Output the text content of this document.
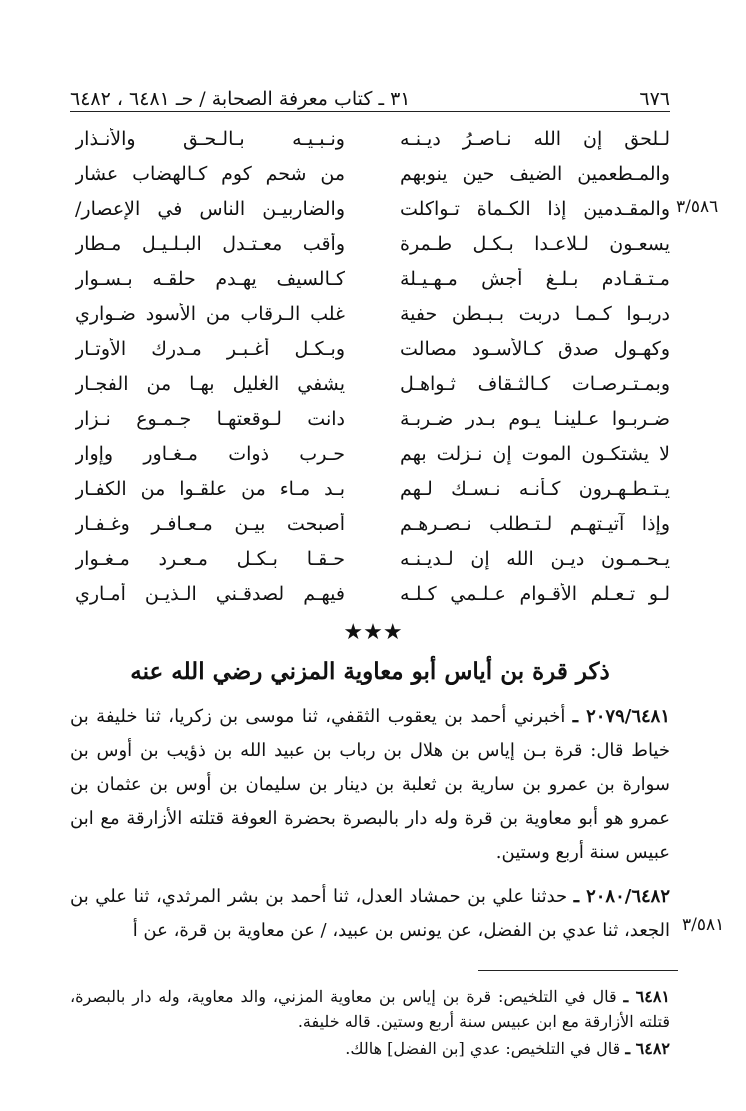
٦٧٦
٣١ ـ كتاب معرفة الصحابة / حـ ٦٤٨١ ، ٦٤٨٢
لـلحق إن الله نـاصـرُ ديـنـه
ونـبـيـه بـالـحـق والأنـذار
والمـطعمين الضيف حين ينوبهم
من شحم كوم كـالهضاب عشار
والمقـدمين إذا الكـماة تـواكلت
والضاربيـن الناس في الإعصار/
يسعـون لـلاعـدا بـكـل طـمرة
وأقب معـتـدل البـلـيـل مـطار
مـتـقـادم بـلـغ أجش مـهـيـلة
كـالسيف يهـدم حلقـه بـسـوار
دربـوا كـمـا دربت بـبـطن حفية
غلب الـرقاب من الأسود ضـواري
وكهـول صدق كـالأسـود مصالت
وبـكـل أغـبـر مـدرك الأوتـار
وبمـتـرصـات كـالثـقاف ثـواهـل
يشفي الغليل بهـا من الفجـار
ضـربـوا عـلينـا يـوم بـدر ضـربـة
دانت لـوقعتهـا جـمـوع نـزار
لا يشتكـون الموت إن نـزلت بهم
حـرب ذوات مـغـاور وإوار
يـتـطـهـرون كـأنـه نـسـك لـهم
بـد مـاء من علقـوا من الكفـار
وإذا آتيـتهـم لـتـطلب نـصـرهـم
أصبحت بيـن مـعـافـر وغـفـار
يـحـمـون ديـن الله إن لـديـنـه
حـقـا بـكـل مـعـرد مـغـوار
لـو تـعـلم الأقـوام عـلـمي كـلـه
فيهـم لصدقـني الـذيـن أمـاري
٣/٥٨٦
★★★
ذكر قرة بن أياس أبو معاوية المزني رضي الله عنه
٢٠٧٩/٦٤٨١ ـ أخبرني أحمد بن يعقوب الثقفي، ثنا موسى بن زكريا، ثنا خليفة بن خياط قال: قرة بـن إياس بن هلال بن رباب بن عبيد الله بن ذؤيب بن أوس بن سوارة بن عمرو بن سارية بن ثعلبة بن دينار بن سليمان بن أوس بن عثمان بن عمرو هو أبو معاوية بن قرة وله دار بالبصرة بحضرة العوفة قتلته الأزارقة مع ابن عبيس سنة أربع وستين.
٢٠٨٠/٦٤٨٢ ـ حدثنا علي بن حمشاد العدل، ثنا أحمد بن بشر المرثدي، ثنا علي بن الجعد، ثنا عدي بن الفضل، عن يونس بن عبيد، / عن معاوية بن قرة، عن أ ٣/٥٨١
٦٤٨١ ـ قال في التلخيص: قرة بن إياس بن معاوية المزني، والد معاوية، وله دار بالبصرة، قتلته الأزارقة مع ابن عبيس سنة أربع وستين. قاله خليفة.
٦٤٨٢ ـ قال في التلخيص: عدي [بن الفضل] هالك.
